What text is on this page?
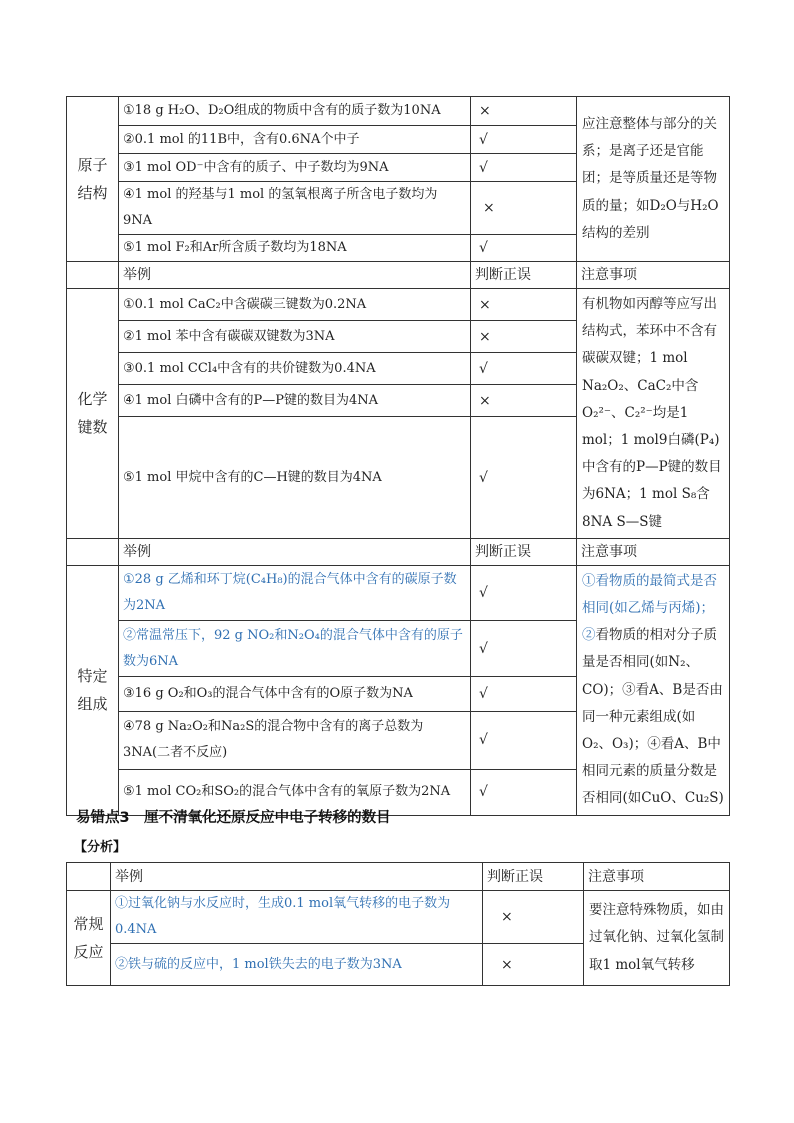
原子结构	①18 g H₂O、D₂O组成的物质中含有的质子数为10NA	×	应注意整体与部分的关系；是离子还是官能团；是等质量还是等物质的量；如D₂O与H₂O结构的差别
	②0.1 mol 的11B中，含有0.6NA个中子	√	
	③1 mol OD⁻中含有的质子、中子数均为9NA	√	
	④1 mol 的羟基与1 mol 的氢氧根离子所含电子数均为9NA	×	
	⑤1 mol F₂和Ar所含质子数均为18NA	√	
	举例	判断正误	注意事项
化学键数	①0.1 mol CaC₂中含碳碳三键数为0.2NA	×	有机物如丙醇等应写出结构式，苯环中不含有碳碳双键；1 mol Na₂O₂、CaC₂中含O₂²⁻、C₂²⁻均是1 mol；1 mol9白磷(P₄)中含有的P—P键的数目为6NA；1 mol S₈含8NA S—S键
	②1 mol 苯中含有碳碳双键数为3NA	×	
	③0.1 mol CCl₄中含有的共价键数为0.4NA	√	
	④1 mol 白磷中含有的P—P键的数目为4NA	×	
	⑤1 mol 甲烷中含有的C—H键的数目为4NA	√	
	举例	判断正误	注意事项
特定组成	①28 g 乙烯和环丁烷(C₄H₈)的混合气体中含有的碳原子数为2NA	√	①看物质的最简式是否相同(如乙烯与丙烯)；②看物质的相对分子质量是否相同(如N₂、CO)；③看A、B是否由同一种元素组成(如O₂、O₃)；④看A、B中相同元素的质量分数是否相同(如CuO、Cu₂S)
	②常温常压下，92 g NO₂和N₂O₄的混合气体中含有的原子数为6NA	√	
	③16 g O₂和O₃的混合气体中含有的O原子数为NA	√	
	④78 g Na₂O₂和Na₂S的混合物中含有的离子总数为3NA(二者不反应)	√	
	⑤1 mol CO₂和SO₂的混合气体中含有的氧原子数为2NA	√	
易错点3　厘不清氧化还原反应中电子转移的数目
【分析】
	举例	判断正误	注意事项
常规反应	①过氧化钠与水反应时，生成0.1 mol氧气转移的电子数为0.4NA	×	要注意特殊物质，如由过氧化钠、过氧化氢制取1 mol氧气转移
	②铁与硫的反应中，1 mol铁失去的电子数为3NA	×	
